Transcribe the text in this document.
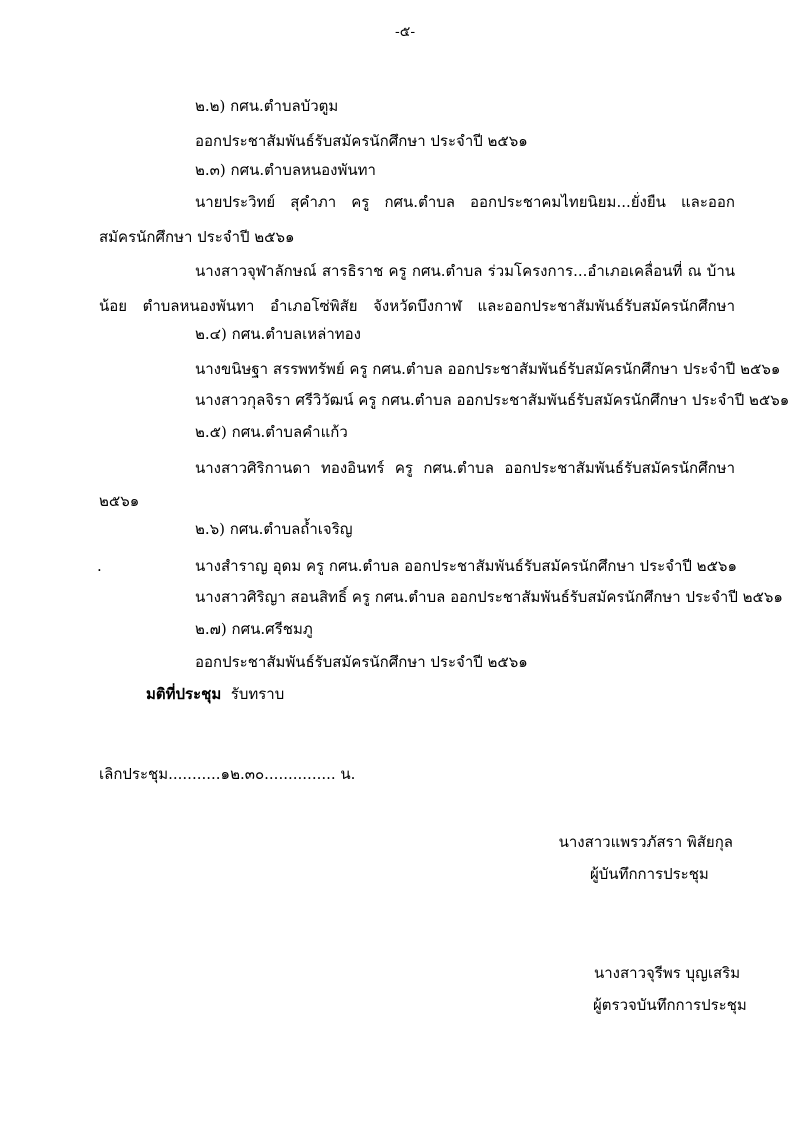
-๕-
๒.๒) กศน.ตำบลบัวตูม
ออกประชาสัมพันธ์รับสมัครนักศึกษา ประจำปี ๒๕๖๑
๒.๓) กศน.ตำบลหนองพันทา
นายประวิทย์ สุคำภา ครู กศน.ตำบล ออกประชาคมไทยนิยม...ยั่งยืน และออก
สมัครนักศึกษา ประจำปี ๒๕๖๑
นางสาวจุฬาลักษณ์ สารธิราช ครู กศน.ตำบล ร่วมโครงการ...อำเภอเคลื่อนที่ ณ บ้าน
น้อย ตำบลหนองพันทา อำเภอโซ่พิสัย จังหวัดบึงกาฬ และออกประชาสัมพันธ์รับสมัครนักศึกษา
๒.๔) กศน.ตำบลเหล่าทอง
นางขนิษฐา สรรพทรัพย์ ครู กศน.ตำบล ออกประชาสัมพันธ์รับสมัครนักศึกษา ประจำปี ๒๕๖๑
นางสาวกุลจิรา ศรีวิวัฒน์ ครู กศน.ตำบล ออกประชาสัมพันธ์รับสมัครนักศึกษา ประจำปี ๒๕๖๑
๒.๕) กศน.ตำบลคำแก้ว
นางสาวศิริกานดา ทองอินทร์ ครู กศน.ตำบล ออกประชาสัมพันธ์รับสมัครนักศึกษา
๒๕๖๑
๒.๖) กศน.ตำบลถ้ำเจริญ
.	นางสำราญ อุดม ครู กศน.ตำบล ออกประชาสัมพันธ์รับสมัครนักศึกษา ประจำปี ๒๕๖๑
นางสาวศิริญา สอนสิทธิ์ ครู กศน.ตำบล ออกประชาสัมพันธ์รับสมัครนักศึกษา ประจำปี ๒๕๖๑
๒.๗) กศน.ศรีชมภู
ออกประชาสัมพันธ์รับสมัครนักศึกษา ประจำปี ๒๕๖๑
มติที่ประชุม รับทราบ
เลิกประชุม...........๑๒.๓๐............... น.
นางสาวแพรวภัสรา พิสัยกุล
ผู้บันทึกการประชุม
นางสาวจุรีพร บุญเสริม
ผู้ตรวจบันทึกการประชุม
